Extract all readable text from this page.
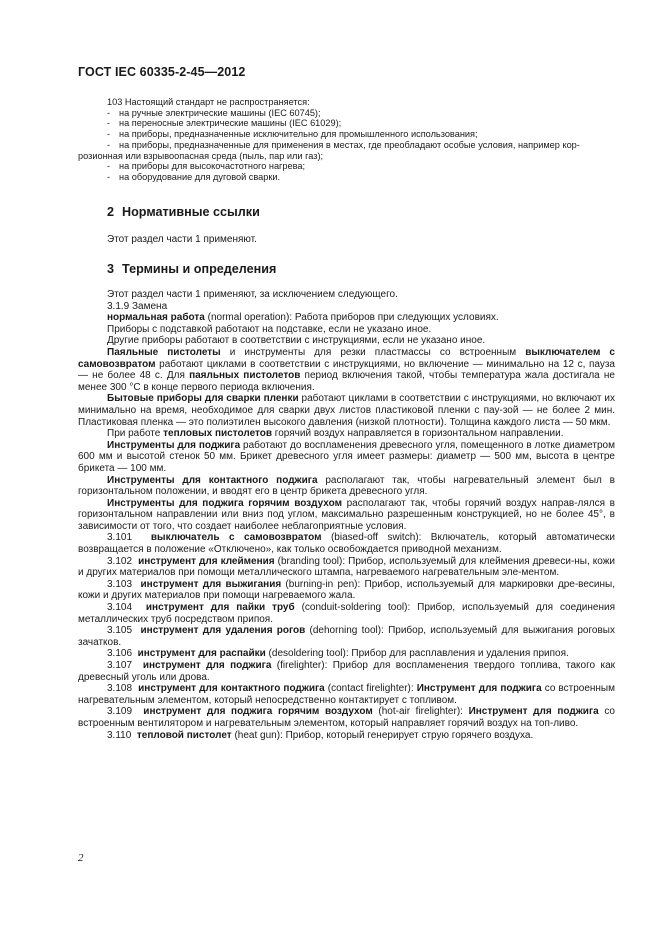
ГОСТ IEC 60335-2-45—2012

103 Настоящий стандарт не распространяется:

- на ручные электрические машины (IEC 60745);

- на переносные электрические машины (IEC 61029);

- на приборы, предназначенные исключительно для промышленного использования;

- на приборы, предназначенные для применения в местах, где преобладают особые условия, например кор-

розионная или взрывоопасная среда (пыль, пар или газ);

- на приборы для высокочастотного нагрева;

- на оборудование для дуговой сварки.

2 Нормативные ссылки

Этот раздел части 1 применяют.

3 Термины и определения

Этот раздел части 1 применяют, за исключением следующего.

3.1.9 Замена

нормальная работа (normal operation): Работа приборов при следующих условиях.

Приборы с подставкой работают на подставке, если не указано иное.

Другие приборы работают в соответствии с инструкциями, если не указано иное.

Паяльные пистолеты и инструменты для резки пластмассы со встроенным выключателем с самовозвратом работают циклами в соответствии с инструкциями, но включение — минимально на 12 с, пауза — не более 48 с. Для паяльных пистолетов период включения такой, чтобы температура жала достигала не менее 300 °С в конце первого периода включения.

Бытовые приборы для сварки пленки работают циклами в соответствии с инструкциями, но включают их минимально на время, необходимое для сварки двух листов пластиковой пленки с пау-зой — не более 2 мин. Пластиковая пленка — это полиэтилен высокого давления (низкой плотности). Толщина каждого листа — 50 мкм.

При работе тепловых пистолетов горячий воздух направляется в горизонтальном направлении.

Инструменты для поджига работают до воспламенения древесного угля, помещенного в лотке диаметром 600 мм и высотой стенок 50 мм. Брикет древесного угля имеет размеры: диаметр — 500 мм, высота в центре брикета — 100 мм.

Инструменты для контактного поджига располагают так, чтобы нагревательный элемент был в горизонтальном положении, и вводят его в центр брикета древесного угля.

Инструменты для поджига горячим воздухом располагают так, чтобы горячий воздух направ-лялся в горизонтальном направлении или вниз под углом, максимально разрешенным конструкцией, но не более 45°, в зависимости от того, что создает наиболее неблагоприятные условия.

3.101 выключатель с самовозвратом (biased-off switch): Включатель, который автоматически возвращается в положение «Отключено», как только освобождается приводной механизм.

3.102 инструмент для клеймения (branding tool): Прибор, используемый для клеймения древеси-ны, кожи и других материалов при помощи металлического штампа, нагреваемого нагревательным эле-ментом.

3.103 инструмент для выжигания (burning-in pen): Прибор, используемый для маркировки дре-весины, кожи и других материалов при помощи нагреваемого жала.

3.104 инструмент для пайки труб (conduit-soldering tool): Прибор, используемый для соединения металлических труб посредством припоя.

3.105 инструмент для удаления рогов (dehorning tool): Прибор, используемый для выжигания роговых зачатков.

3.106 инструмент для распайки (desoldering tool): Прибор для расплавления и удаления припоя.

3.107 инструмент для поджига (firelighter): Прибор для воспламенения твердого топлива, такого как древесный уголь или дрова.

3.108 инструмент для контактного поджига (contact firelighter): Инструмент для поджига со встроенным нагревательным элементом, который непосредственно контактирует с топливом.

3.109 инструмент для поджига горячим воздухом (hot-air firelighter): Инструмент для поджига со встроенным вентилятором и нагревательным элементом, который направляет горячий воздух на топ-ливо.

3.110 тепловой пистолет (heat gun): Прибор, который генерирует струю горячего воздуха.

2
